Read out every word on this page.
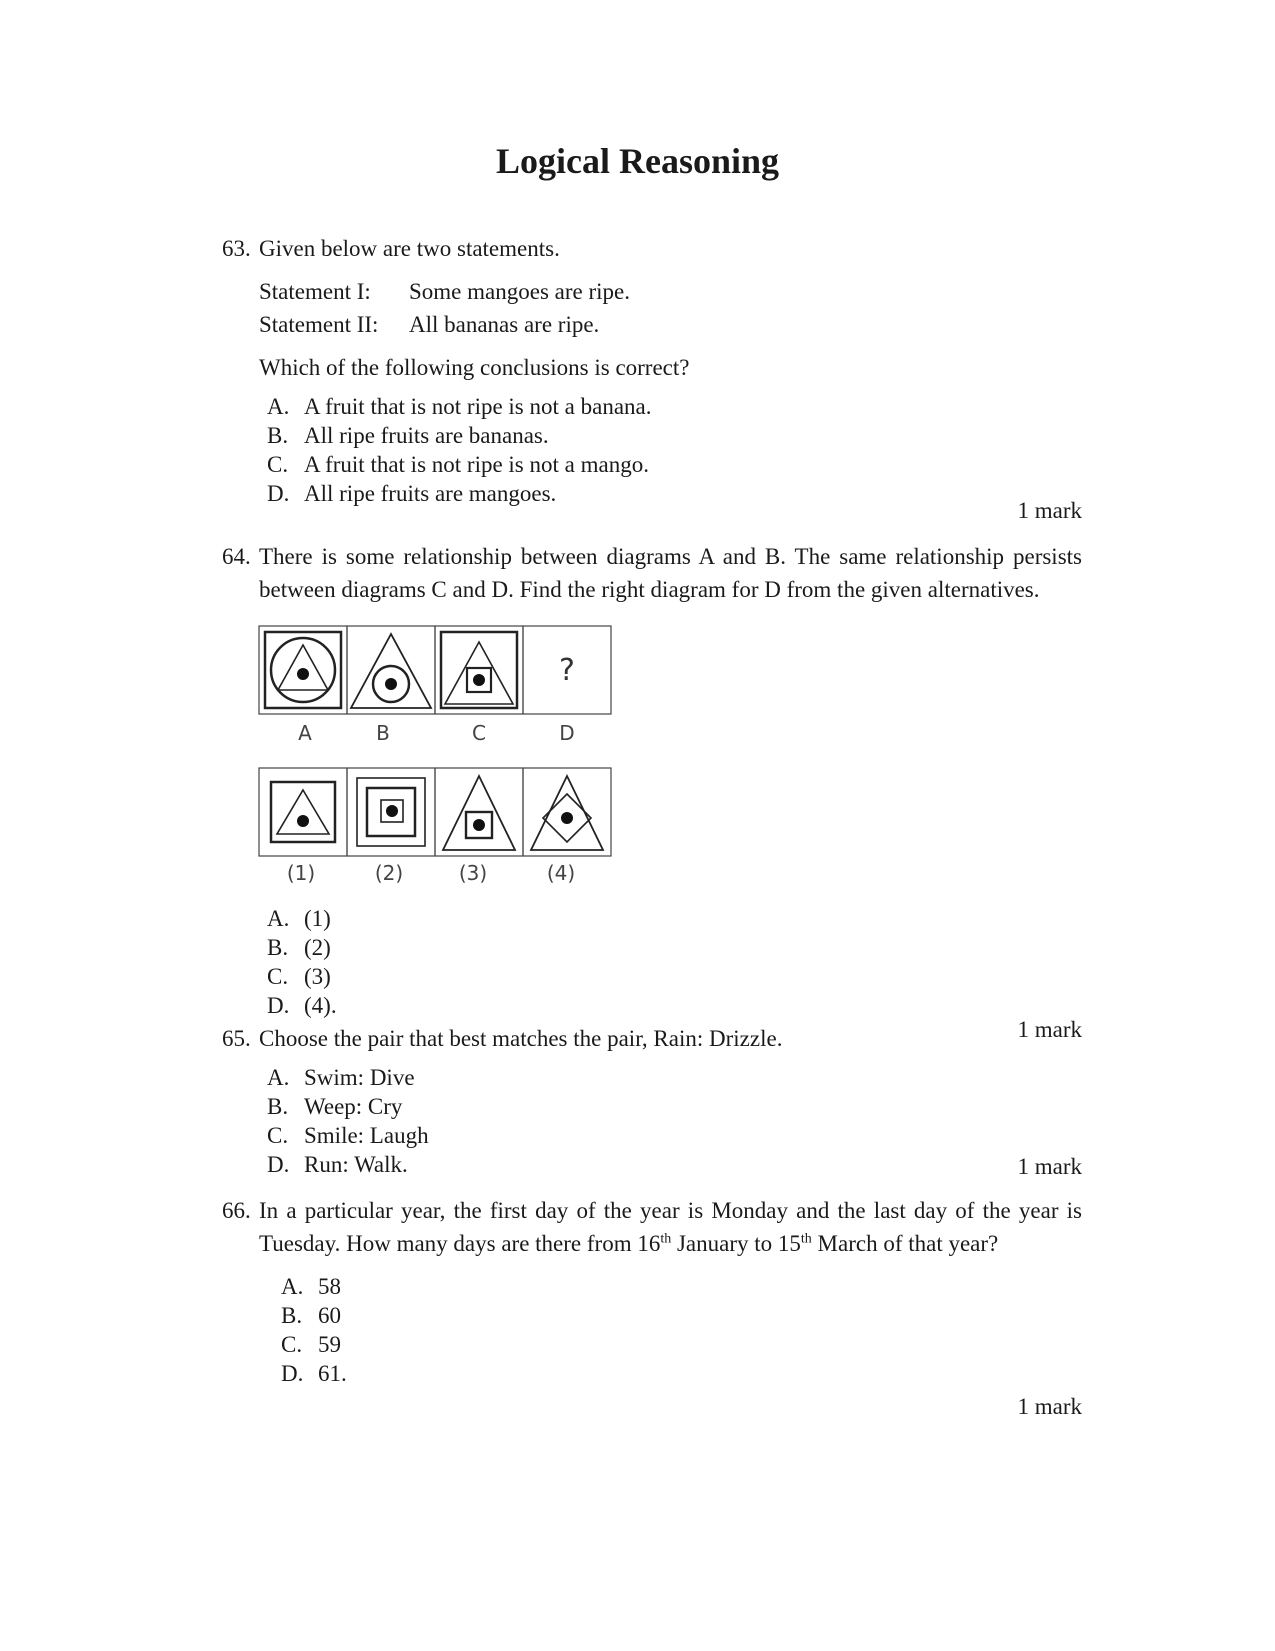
Logical Reasoning
63. Given below are two statements.
Statement I:	Some mangoes are ripe.
Statement II:	All bananas are ripe.
Which of the following conclusions is correct?
A. A fruit that is not ripe is not a banana.
B. All ripe fruits are bananas.
C. A fruit that is not ripe is not a mango.
D. All ripe fruits are mangoes.
1 mark
64. There is some relationship between diagrams A and B. The same relationship persists between diagrams C and D. Find the right diagram for D from the given alternatives.
?
A	B	C	D
(1)	(2)	(3)	(4)
A. (1)
B. (2)
C. (3)
D. (4).
1 mark
65. Choose the pair that best matches the pair, Rain: Drizzle.
A. Swim: Dive
B. Weep: Cry
C. Smile: Laugh
D. Run: Walk.	1 mark
66. In a particular year, the first day of the year is Monday and the last day of the year is Tuesday. How many days are there from 16th January to 15th March of that year?
A. 58
B. 60
C. 59
D. 61.
1 mark
